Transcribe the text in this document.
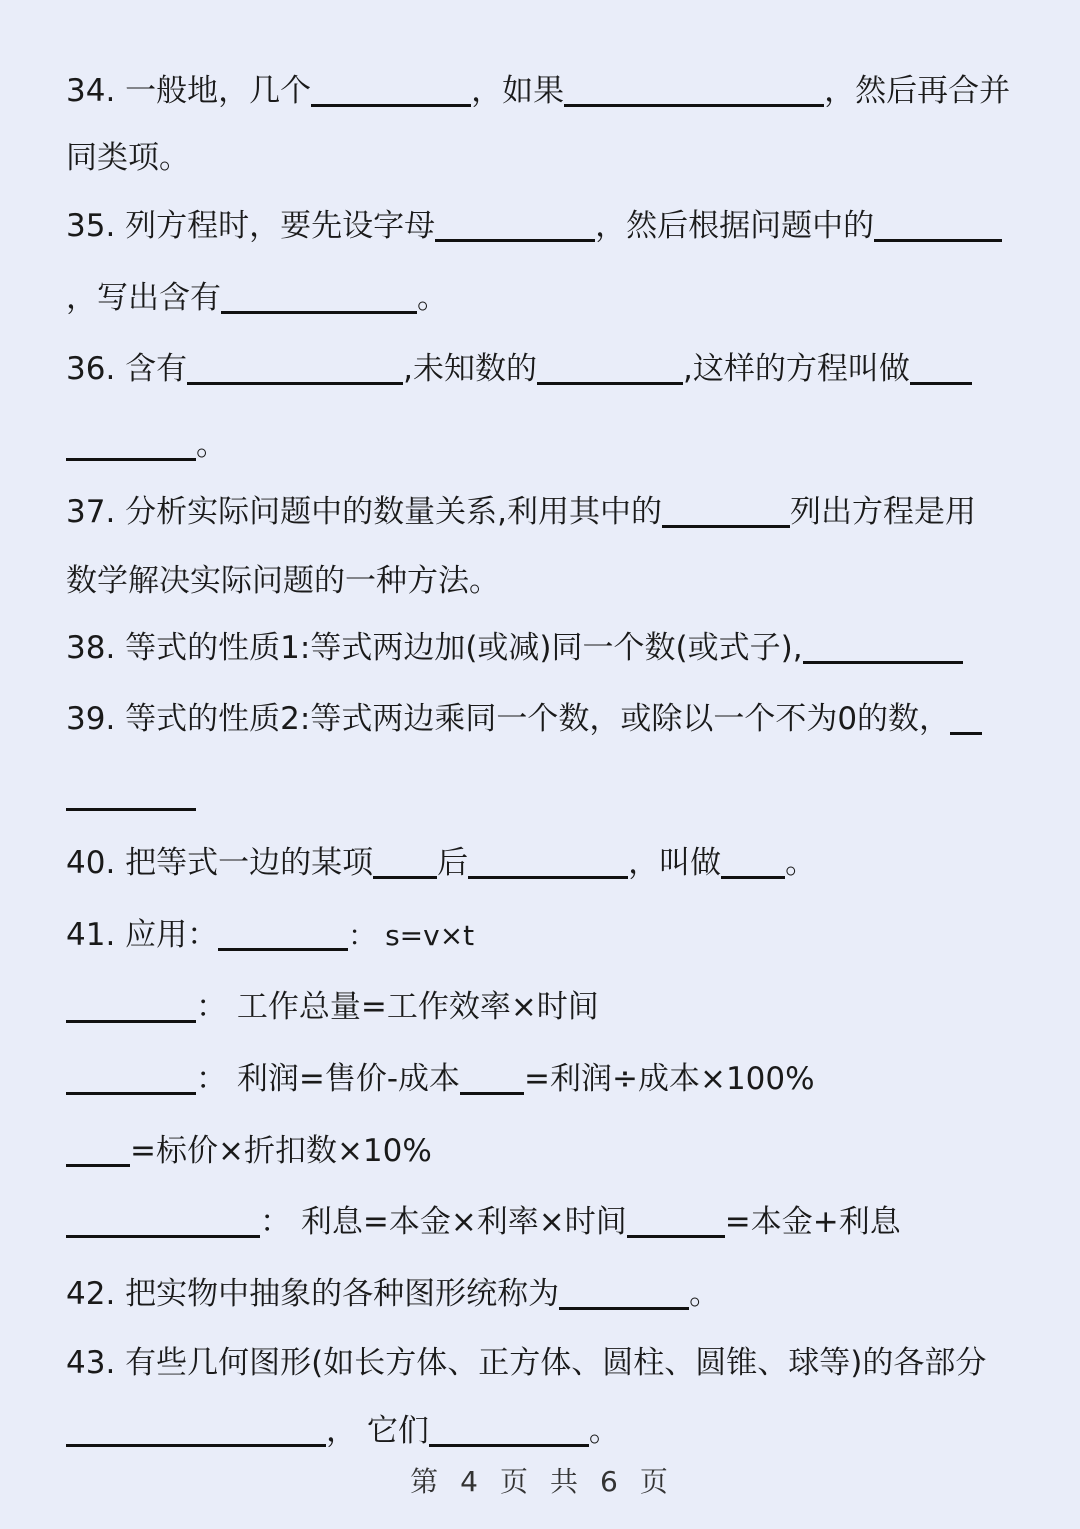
34. 一般地，几个	，如果	，然后再合并
同类项。
35. 列方程时，要先设字母	，然后根据问题中的
，写出含有	。
36. 含有	,未知数的	,这样的方程叫做
。
37. 分析实际问题中的数量关系,利用其中的	列出方程是用
数学解决实际问题的一种方法。
38. 等式的性质1:等式两边加(或减)同一个数(或式子),
39. 等式的性质2:等式两边乘同一个数，或除以一个不为0的数，
40. 把等式一边的某项 后	，叫做 。
41. 应用：	： s=v×t
： 工作总量=工作效率×时间
： 利润=售价-成本 =利润÷成本×100%
=标价×折扣数×10%
： 利息=本金×利率×时间	=本金+利息
42. 把实物中抽象的各种图形统称为	。
43. 有些几何图形(如长方体、正方体、圆柱、圆锥、球等)的各部分
， 它们	。
第 4 页 共 6 页
